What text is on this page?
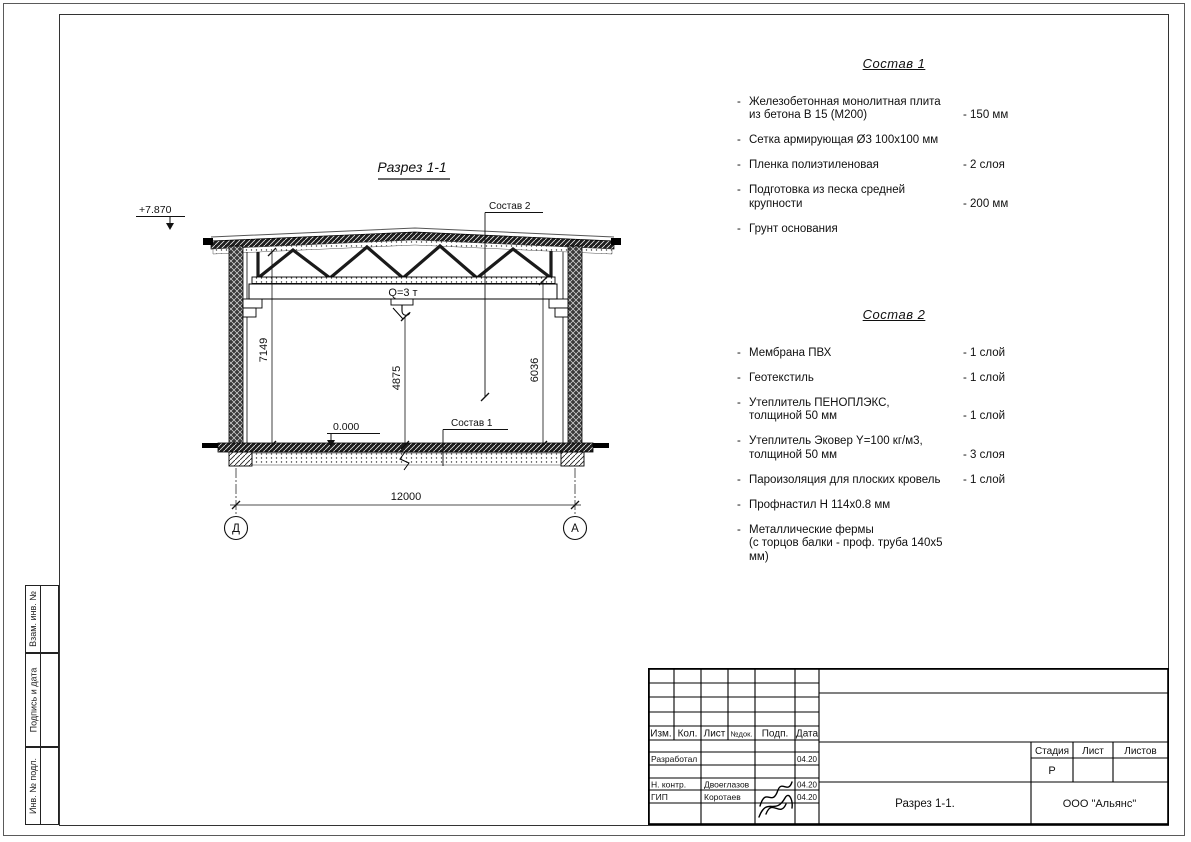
Взам. инв. №
Подпись и дата
Инв. № подл.
Разрез 1-1
+7.870
Q=3 т
7149
4875	6036
12000
Д	А
Состав 2
Состав 1
0.000
Состав 1
- Железобетонная монолитная плита
из бетона В 15 (М200)	- 150 мм
- Сетка армирующая Ø3 100х100 мм
- Пленка полиэтиленовая	- 2 слоя
- Подготовка из песка средней
крупности	- 200 мм
- Грунт основания
Состав 2
- Мембрана ПВХ	- 1 слой
- Геотекстиль	- 1 слой
- Утеплитель ПЕНОПЛЭКС,
толщиной 50 мм	- 1 слой
- Утеплитель Эковер Y=100 кг/м3,
толщиной 50 мм	- 3 слоя
- Пароизоляция для плоских кровель	- 1 слой
- Профнастил Н 114х0.8 мм
- Металлические фермы
(с торцов балки - проф. труба 140х5 мм)
Изм. Кол. Лист №док. Подп. Дата
Разработал	04.20
Н. контр. Двоеглазов	04.20
ГИП	Коротаев	04.20
Стадия Лист Листов
Р
Разрез 1-1.	ООО "Альянс"
